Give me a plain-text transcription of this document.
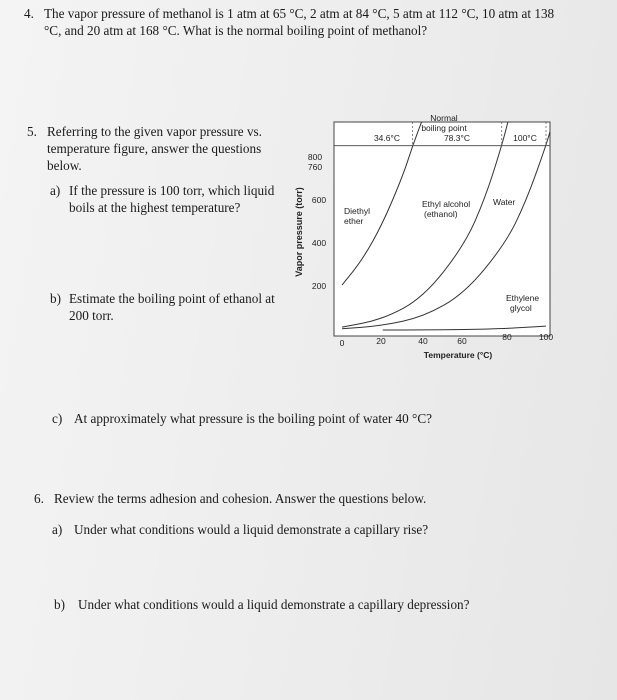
4. The vapor pressure of methanol is 1 atm at 65 °C, 2 atm at 84 °C, 5 atm at 112 °C, 10 atm at 138
°C, and 20 atm at 168 °C. What is the normal boiling point of methanol?
5. Referring to the given vapor pressure vs.
temperature figure, answer the questions
below.
a) If the pressure is 100 torr, which liquid
boils at the highest temperature?
b) Estimate the boiling point of ethanol at
200 torr.
c) At approximately what pressure is the boiling point of water 40 °C?
6. Review the terms adhesion and cohesion. Answer the questions below.
a) Under what conditions would a liquid demonstrate a capillary rise?
b) Under what conditions would a liquid demonstrate a capillary depression?
Vapor pressure (torr)
Temperature (°C)
200
400
600
760
800
0	20	40	60	80	100
Normal
boiling point
78.3°C
34.6°C	100°C
Diethyl
ether
Ethyl alcohol
(ethanol)
Water
Ethylene
glycol
